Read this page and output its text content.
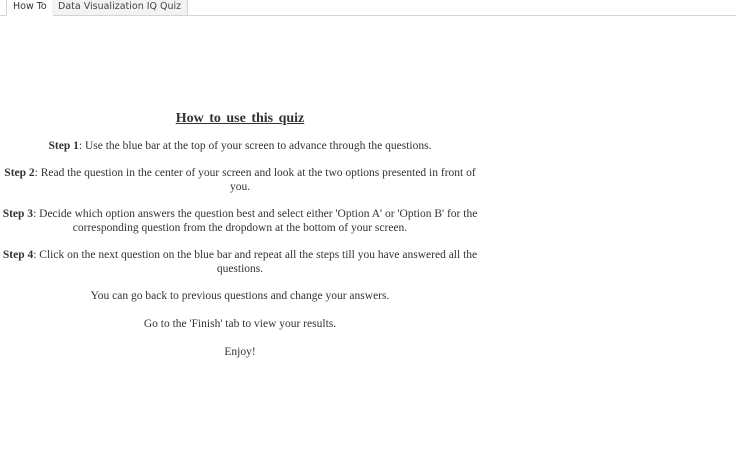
How To	Data Visualization IQ Quiz
How to use this quiz
Step 1: Use the blue bar at the top of your screen to advance through the questions.
Step 2: Read the question in the center of your screen and look at the two options presented in front of you.
Step 3: Decide which option answers the question best and select either 'Option A' or 'Option B' for the corresponding question from the dropdown at the bottom of your screen.
Step 4: Click on the next question on the blue bar and repeat all the steps till you have answered all the questions.
You can go back to previous questions and change your answers.
Go to the 'Finish' tab to view your results.
Enjoy!
